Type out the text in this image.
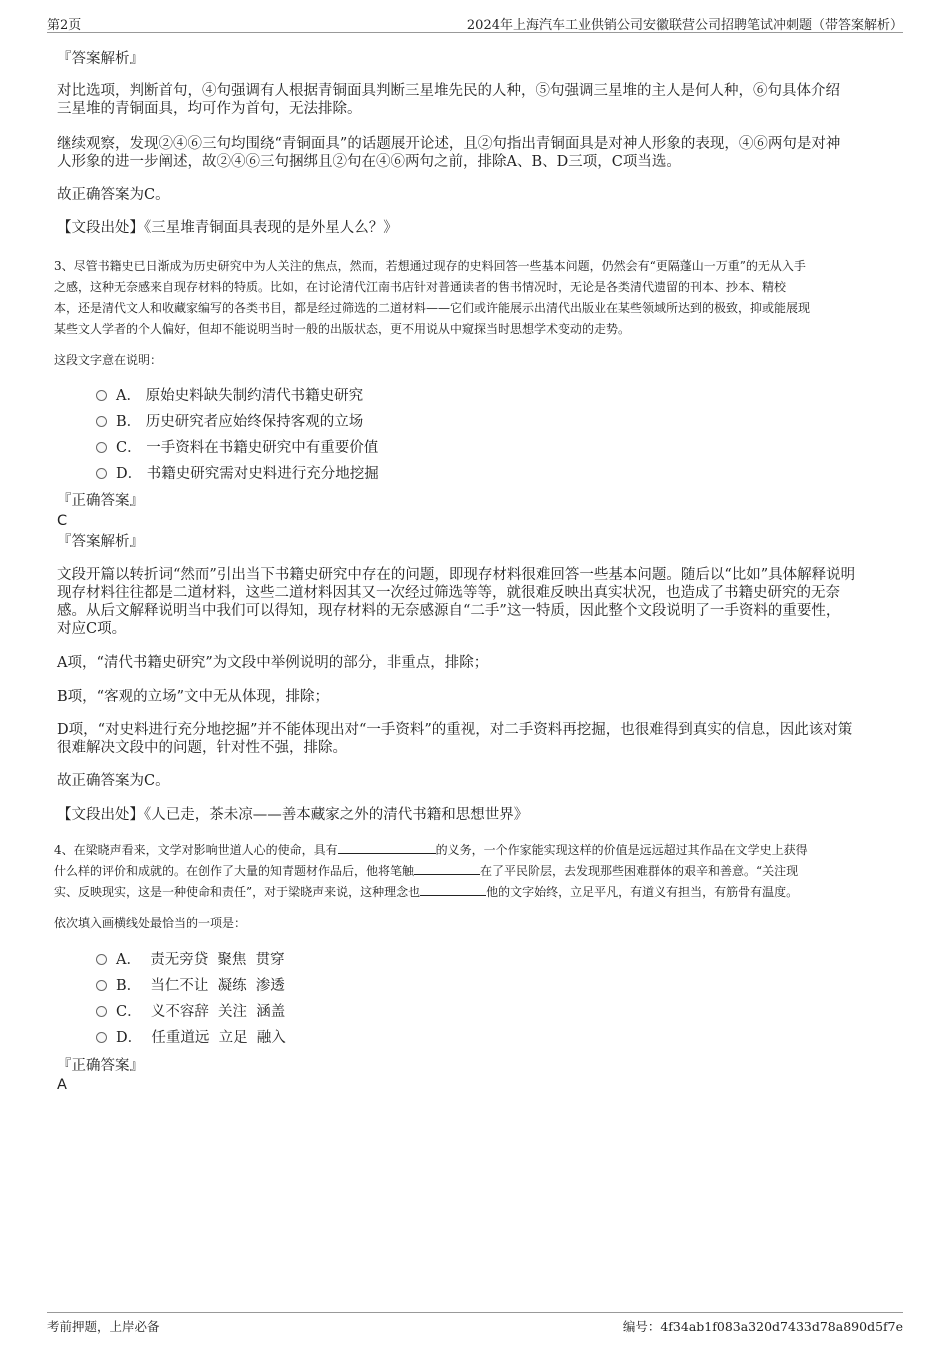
第2页	2024年上海汽车工业供销公司安徽联营公司招聘笔试冲刺题（带答案解析）
『答案解析』
对比选项，判断首句，④句强调有人根据青铜面具判断三星堆先民的人种，⑤句强调三星堆的主人是何人种，⑥句具体介绍
三星堆的青铜面具，均可作为首句，无法排除。
继续观察，发现②④⑥三句均围绕“青铜面具”的话题展开论述，且②句指出青铜面具是对神人形象的表现，④⑥两句是对神
人形象的进一步阐述，故②④⑥三句捆绑且②句在④⑥两句之前，排除A、B、D三项，C项当选。
故正确答案为C。
【文段出处】《三星堆青铜面具表现的是外星人么？》
3、尽管书籍史已日渐成为历史研究中为人关注的焦点，然而，若想通过现存的史料回答一些基本问题，仍然会有“更隔蓬山一万重”的无从入手
之感，这种无奈感来自现存材料的特质。比如，在讨论清代江南书店针对普通读者的售书情况时，无论是各类清代遗留的刊本、抄本、精校
本，还是清代文人和收藏家编写的各类书目，都是经过筛选的二道材料——它们或许能展示出清代出版业在某些领域所达到的极致，抑或能展现
某些文人学者的个人偏好，但却不能说明当时一般的出版状态，更不用说从中窥探当时思想学术变动的走势。
这段文字意在说明：
A． 原始史料缺失制约清代书籍史研究
B． 历史研究者应始终保持客观的立场
C． 一手资料在书籍史研究中有重要价值
D． 书籍史研究需对史料进行充分地挖掘
『正确答案』
C
『答案解析』
文段开篇以转折词“然而”引出当下书籍史研究中存在的问题，即现存材料很难回答一些基本问题。随后以“比如”具体解释说明
现存材料往往都是二道材料，这些二道材料因其又一次经过筛选等等，就很难反映出真实状况，也造成了书籍史研究的无奈
感。从后文解释说明当中我们可以得知，现存材料的无奈感源自“二手”这一特质，因此整个文段说明了一手资料的重要性，
对应C项。
A项，“清代书籍史研究”为文段中举例说明的部分，非重点，排除；
B项，“客观的立场”文中无从体现，排除；
D项，“对史料进行充分地挖掘”并不能体现出对“一手资料”的重视，对二手资料再挖掘，也很难得到真实的信息，因此该对策
很难解决文段中的问题，针对性不强，排除。
故正确答案为C。
【文段出处】《人已走，茶未凉——善本藏家之外的清代书籍和思想世界》
4、在梁晓声看来，文学对影响世道人心的使命，具有	的义务，一个作家能实现这样的价值是远远超过其作品在文学史上获得
什么样的评价和成就的。在创作了大量的知青题材作品后，他将笔触	在了平民阶层，去发现那些困难群体的艰辛和善意。“关注现
实、反映现实，这是一种使命和责任”，对于梁晓声来说，这种理念也	他的文字始终，立足平凡，有道义有担当，有筋骨有温度。
依次填入画横线处最恰当的一项是：
A． 责无旁贷  聚焦  贯穿
B． 当仁不让  凝练  渗透
C． 义不容辞  关注  涵盖
D． 任重道远  立足  融入
『正确答案』
A
考前押题，上岸必备	编号：4f34ab1f083a320d7433d78a890d5f7e
